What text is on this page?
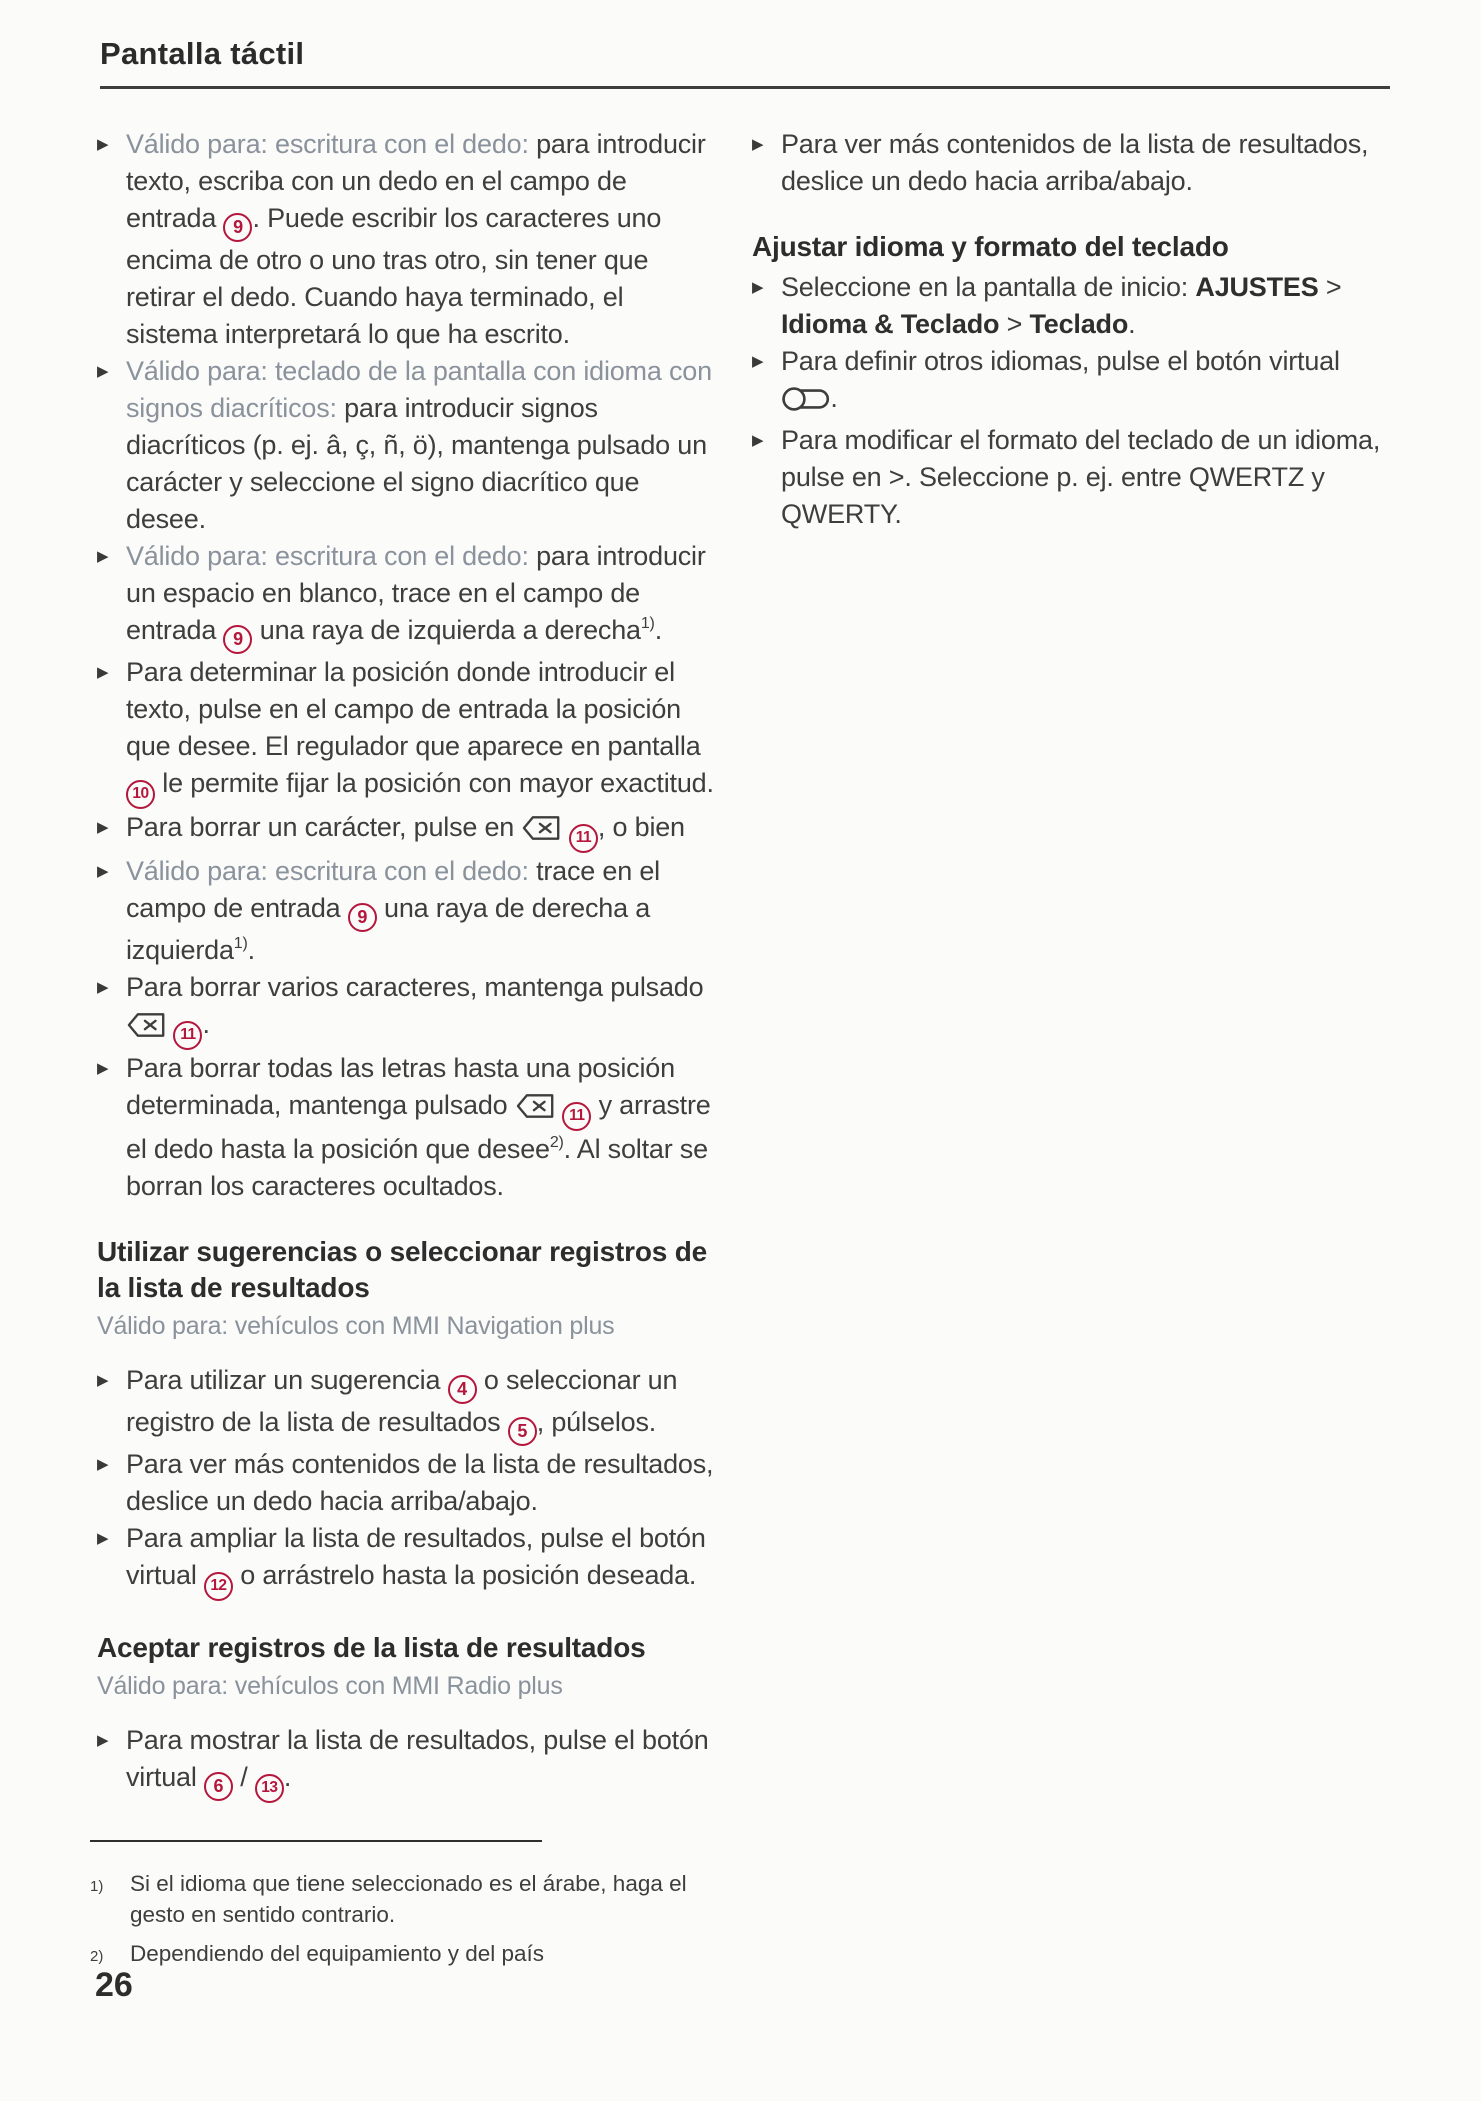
Pantalla táctil
▶ Válido para: escritura con el dedo: para introducir texto, escriba con un dedo en el campo de entrada 9 . Puede escribir los caracteres uno encima de otro o uno tras otro, sin tener que retirar el dedo. Cuando haya terminado, el sistema interpretará lo que ha escrito.
▶ Válido para: teclado de la pantalla con idioma con signos diacríticos: para introducir signos diacríticos (p. ej. â, ç, ñ, ö), mantenga pulsado un carácter y seleccione el signo diacrítico que desee.
▶ Válido para: escritura con el dedo: para introducir un espacio en blanco, trace en el campo de entrada 9 una raya de izquierda a derecha$^{1)}$.
▶ Para determinar la posición donde introducir el texto, pulse en el campo de entrada la posición que desee. El regulador que aparece en pantalla 10 le permite fijar la posición con mayor exactitud.
▶ Para borrar un carácter, pulse en	11 , o bien
▶ Válido para: escritura con el dedo: trace en el campo de entrada 9 una raya de derecha a izquierda$^{1)}$.
▶ Para borrar varios caracteres, mantenga pulsado  11 .
▶ Para borrar todas las letras hasta una posición determinada, mantenga pulsado	11 y arrastre el dedo hasta la posición que desee$^{2)}$. Al soltar se borran los caracteres ocultados.
Utilizar sugerencias o seleccionar registros de la lista de resultados
Válido para: vehículos con MMI Navigation plus
▶ Para utilizar un sugerencia 4 o seleccionar un registro de la lista de resultados 5 , púlselos.
▶ Para ver más contenidos de la lista de resultados, deslice un dedo hacia arriba/abajo.
▶ Para ampliar la lista de resultados, pulse el botón virtual 12 o arrástrelo hasta la posición deseada.
Aceptar registros de la lista de resultados
Válido para: vehículos con MMI Radio plus
▶ Para mostrar la lista de resultados, pulse el botón virtual 6 / 13 .
▶ Para ver más contenidos de la lista de resultados, deslice un dedo hacia arriba/abajo.
Ajustar idioma y formato del teclado
▶ Seleccione en la pantalla de inicio: AJUSTES > Idioma & Teclado > Teclado.
▶ Para definir otros idiomas, pulse el botón virtual .
▶ Para modificar el formato del teclado de un idioma, pulse en >. Seleccione p. ej. entre QWERTZ y QWERTY.
1) Si el idioma que tiene seleccionado es el árabe, haga el gesto en sentido contrario.
2) Dependiendo del equipamiento y del país
26
